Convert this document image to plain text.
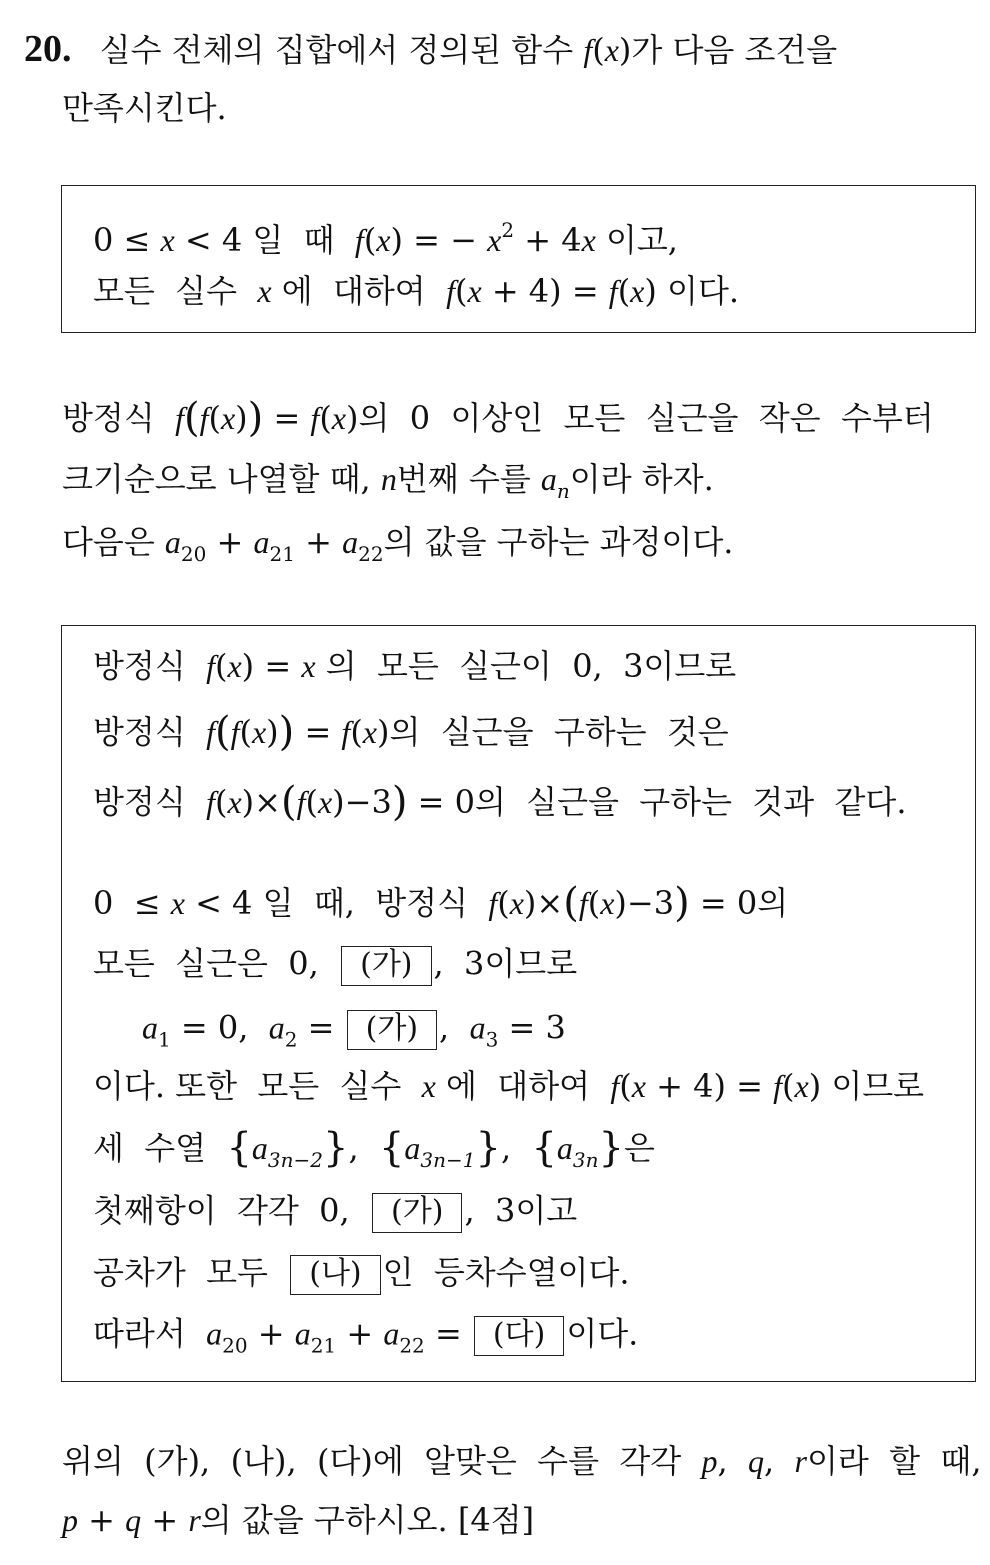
20. 실수 전체의 집합에서 정의된 함수 f(x)가 다음 조건을
만족시킨다.
0 ≤ x < 4 일  때  f(x) = − $x^2 + 4x$ 이고,
모든  실수  x 에  대하여  f(x + 4) = f(x) 이다.
방정식  f(f(x)) = f(x)의  0  이상인  모든  실근을  작은  수부터
크기순으로 나열할 때, n번째 수를 $a_n$이라 하자.
다음은 $a_{20} + a_{21} + a_{22}$의 값을 구하는 과정이다.
방정식  f(x) = x 의  모든  실근이  0,  3이므로
방정식  f(f(x)) = f(x)의  실근을  구하는  것은
방정식  f(x)×(f(x)−3) = 0의  실근을  구하는  것과  같다.
0  ≤ x < 4 일  때,  방정식  f(x)×(f(x)−3) = 0의
모든  실근은  0,  (가) ,  3이므로
$a_1 = 0$,  $a_2$ = (가) ,  $a_3 = 3$
이다. 또한  모든  실수  x 에  대하여  f(x + 4) = f(x) 이므로
세  수열  $\{a_{3n-2}\}$,  $\{a_{3n-1}\}$,  $\{a_{3n}\}$은
첫째항이  각각  0,  (가) ,  3이고
공차가  모두  (나) 인  등차수열이다.
따라서  $a_{20} + a_{21} + a_{22}$ = (다) 이다.
위의  (가),  (나),  (다)에  알맞은  수를  각각  p,  q,  r이라  할  때,
p + q + r의 값을 구하시오. [4점]
